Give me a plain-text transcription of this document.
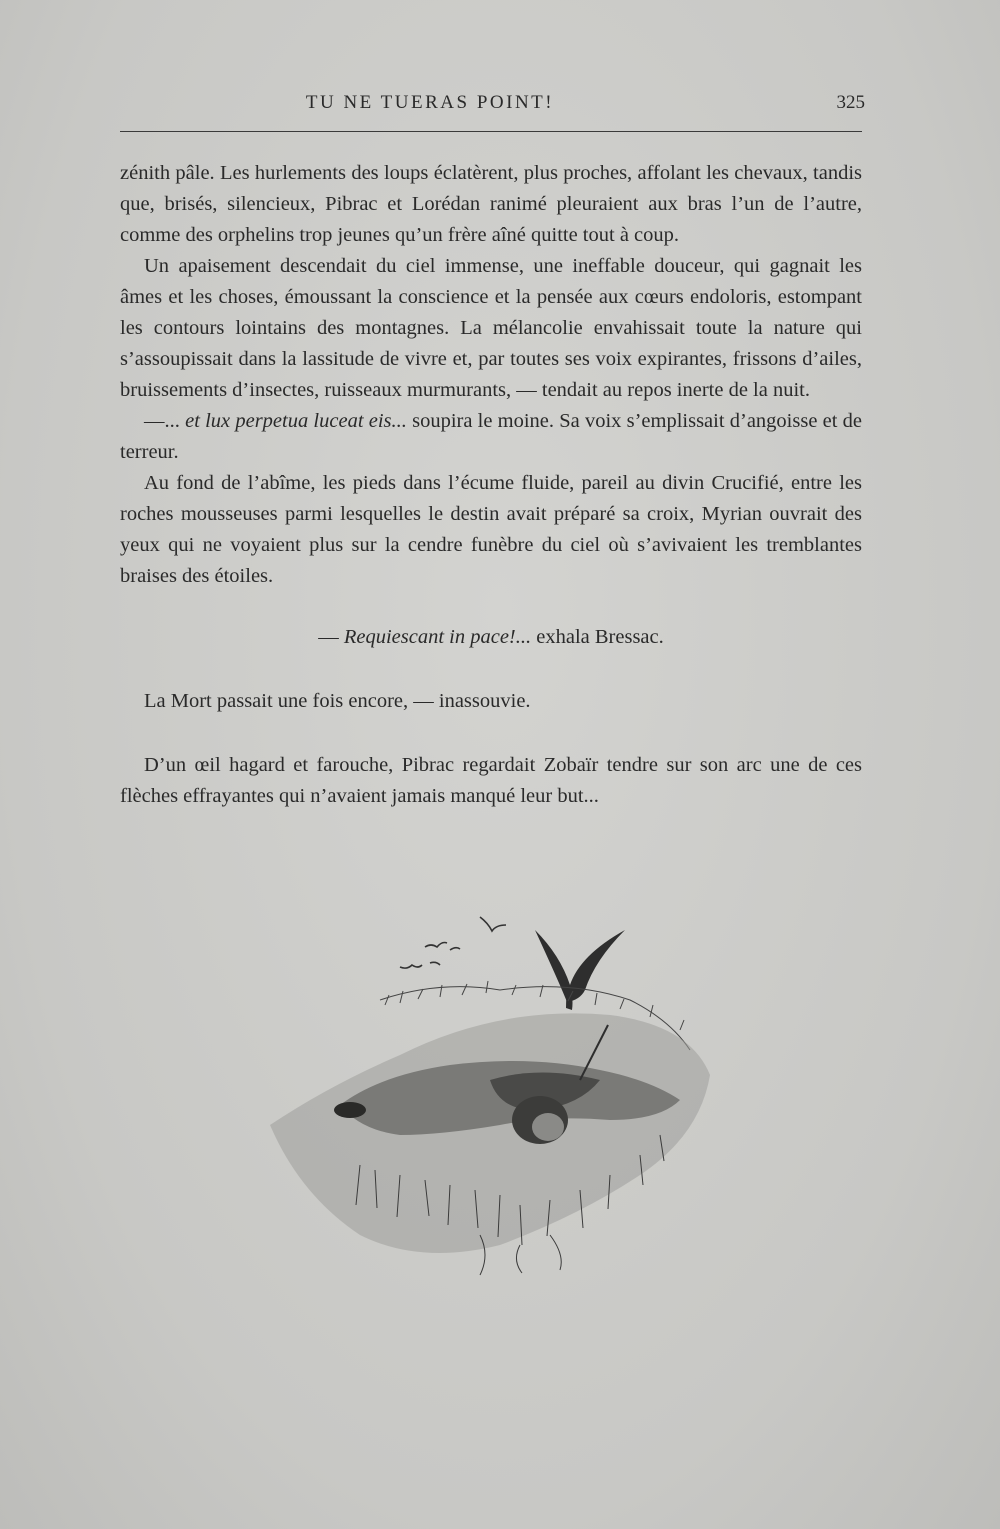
TU NE TUERAS POINT!	325

zénith pâle. Les hurlements des loups éclatèrent, plus proches, affolant les chevaux, tandis que, brisés, silencieux, Pibrac et Lorédan ranimé pleuraient aux bras l’un de l’autre, comme des orphelins trop jeunes qu’un frère aîné quitte tout à coup.

Un apaisement descendait du ciel immense, une ineffable douceur, qui gagnait les âmes et les choses, émoussant la conscience et la pensée aux cœurs endoloris, estompant les contours lointains des montagnes. La mélancolie envahissait toute la nature qui s’assoupissait dans la lassitude de vivre et, par toutes ses voix expirantes, frissons d’ailes, bruissements d’insectes, ruisseaux murmurants, — tendait au repos inerte de la nuit.

—... et lux perpetua luceat eis... soupira le moine. Sa voix s’emplissait d’angoisse et de terreur.

Au fond de l’abîme, les pieds dans l’écume fluide, pareil au divin Crucifié, entre les roches mousseuses parmi lesquelles le destin avait préparé sa croix, Myrian ouvrait des yeux qui ne voyaient plus sur la cendre funèbre du ciel où s’avivaient les tremblantes braises des étoiles.

— Requiescant in pace!... exhala Bressac.

La Mort passait une fois encore, — inassouvie.

D’un œil hagard et farouche, Pibrac regardait Zobaïr tendre sur son arc une de ces flèches effrayantes qui n’avaient jamais manqué leur but...
